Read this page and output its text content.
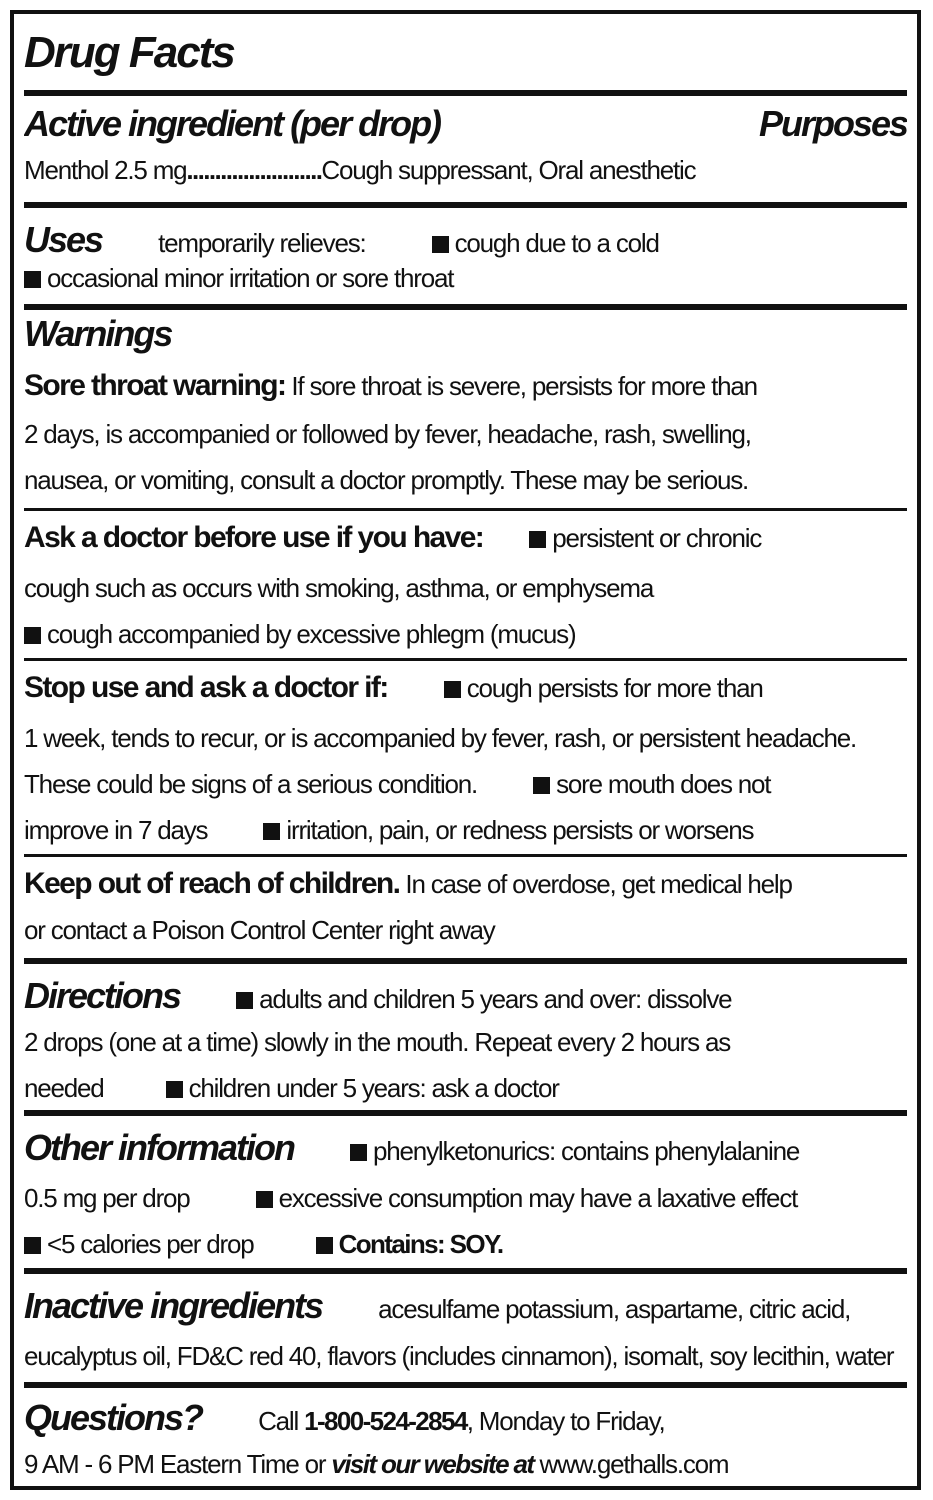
Drug Facts
Active ingredient (per drop)	Purposes
Menthol 2.5 mg........................Cough suppressant, Oral anesthetic
Uses temporarily relieves:	cough due to a cold
occasional minor irritation or sore throat
Warnings
Sore throat warning: If sore throat is severe, persists for more than
2 days, is accompanied or followed by fever, headache, rash, swelling,
nausea, or vomiting, consult a doctor promptly. These may be serious.
Ask a doctor before use if you have:	persistent or chronic
cough such as occurs with smoking, asthma, or emphysema
cough accompanied by excessive phlegm (mucus)
Stop use and ask a doctor if:	cough persists for more than
1 week, tends to recur, or is accompanied by fever, rash, or persistent headache.
These could be signs of a serious condition.	sore mouth does not
improve in 7 days	irritation, pain, or redness persists or worsens
Keep out of reach of children. In case of overdose, get medical help
or contact a Poison Control Center right away
Directions	adults and children 5 years and over: dissolve
2 drops (one at a time) slowly in the mouth. Repeat every 2 hours as
needed	children under 5 years: ask a doctor
Other information	phenylketonurics: contains phenylalanine
0.5 mg per drop	excessive consumption may have a laxative effect
<5 calories per drop	Contains: SOY.
Inactive ingredients acesulfame potassium, aspartame, citric acid,
eucalyptus oil, FD&C red 40, flavors (includes cinnamon), isomalt, soy lecithin, water
Questions? Call 1-800-524-2854, Monday to Friday,
9 AM - 6 PM Eastern Time or visit our website at www.gethalls.com
